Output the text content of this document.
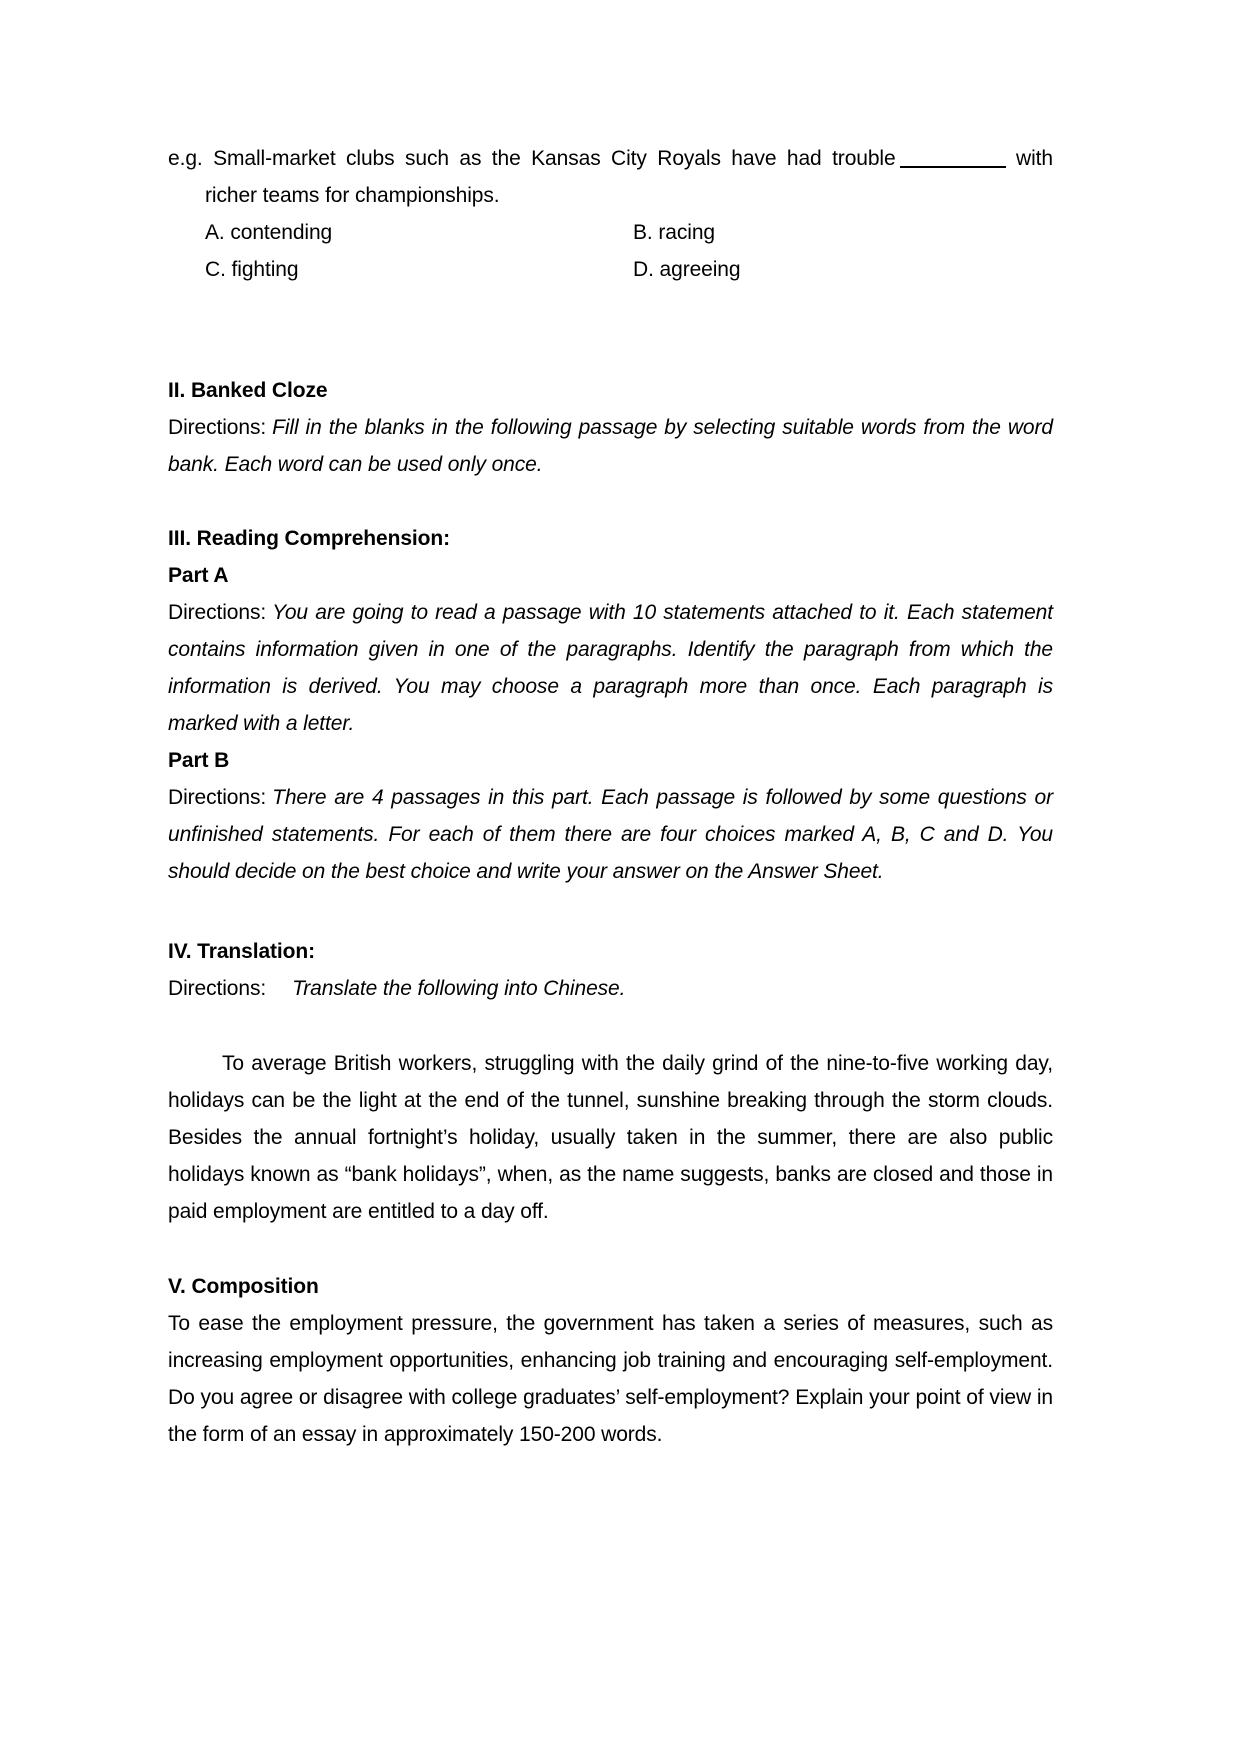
e.g. Small-market clubs such as the Kansas City Royals have had trouble	with richer teams for championships.

A. contending	B. racing
C. fighting	D. agreeing
II. Banked Cloze

Directions: Fill in the blanks in the following passage by selecting suitable words from the word bank. Each word can be used only once.

III. Reading Comprehension:
Part A

Directions: You are going to read a passage with 10 statements attached to it. Each statement contains information given in one of the paragraphs. Identify the paragraph from which the information is derived. You may choose a paragraph more than once. Each paragraph is marked with a letter.

Part B

Directions: There are 4 passages in this part. Each passage is followed by some questions or unfinished statements. For each of them there are four choices marked A, B, C and D. You should decide on the best choice and write your answer on the Answer Sheet.

IV. Translation:

Directions: Translate the following into Chinese.

To average British workers, struggling with the daily grind of the nine-to-five working day, holidays can be the light at the end of the tunnel, sunshine breaking through the storm clouds. Besides the annual fortnight’s holiday, usually taken in the summer, there are also public holidays known as “bank holidays”, when, as the name suggests, banks are closed and those in paid employment are entitled to a day off.

V. Composition

To ease the employment pressure, the government has taken a series of measures, such as increasing employment opportunities, enhancing job training and encouraging self-employment. Do you agree or disagree with college graduates’ self-employment? Explain your point of view in the form of an essay in approximately 150-200 words.
